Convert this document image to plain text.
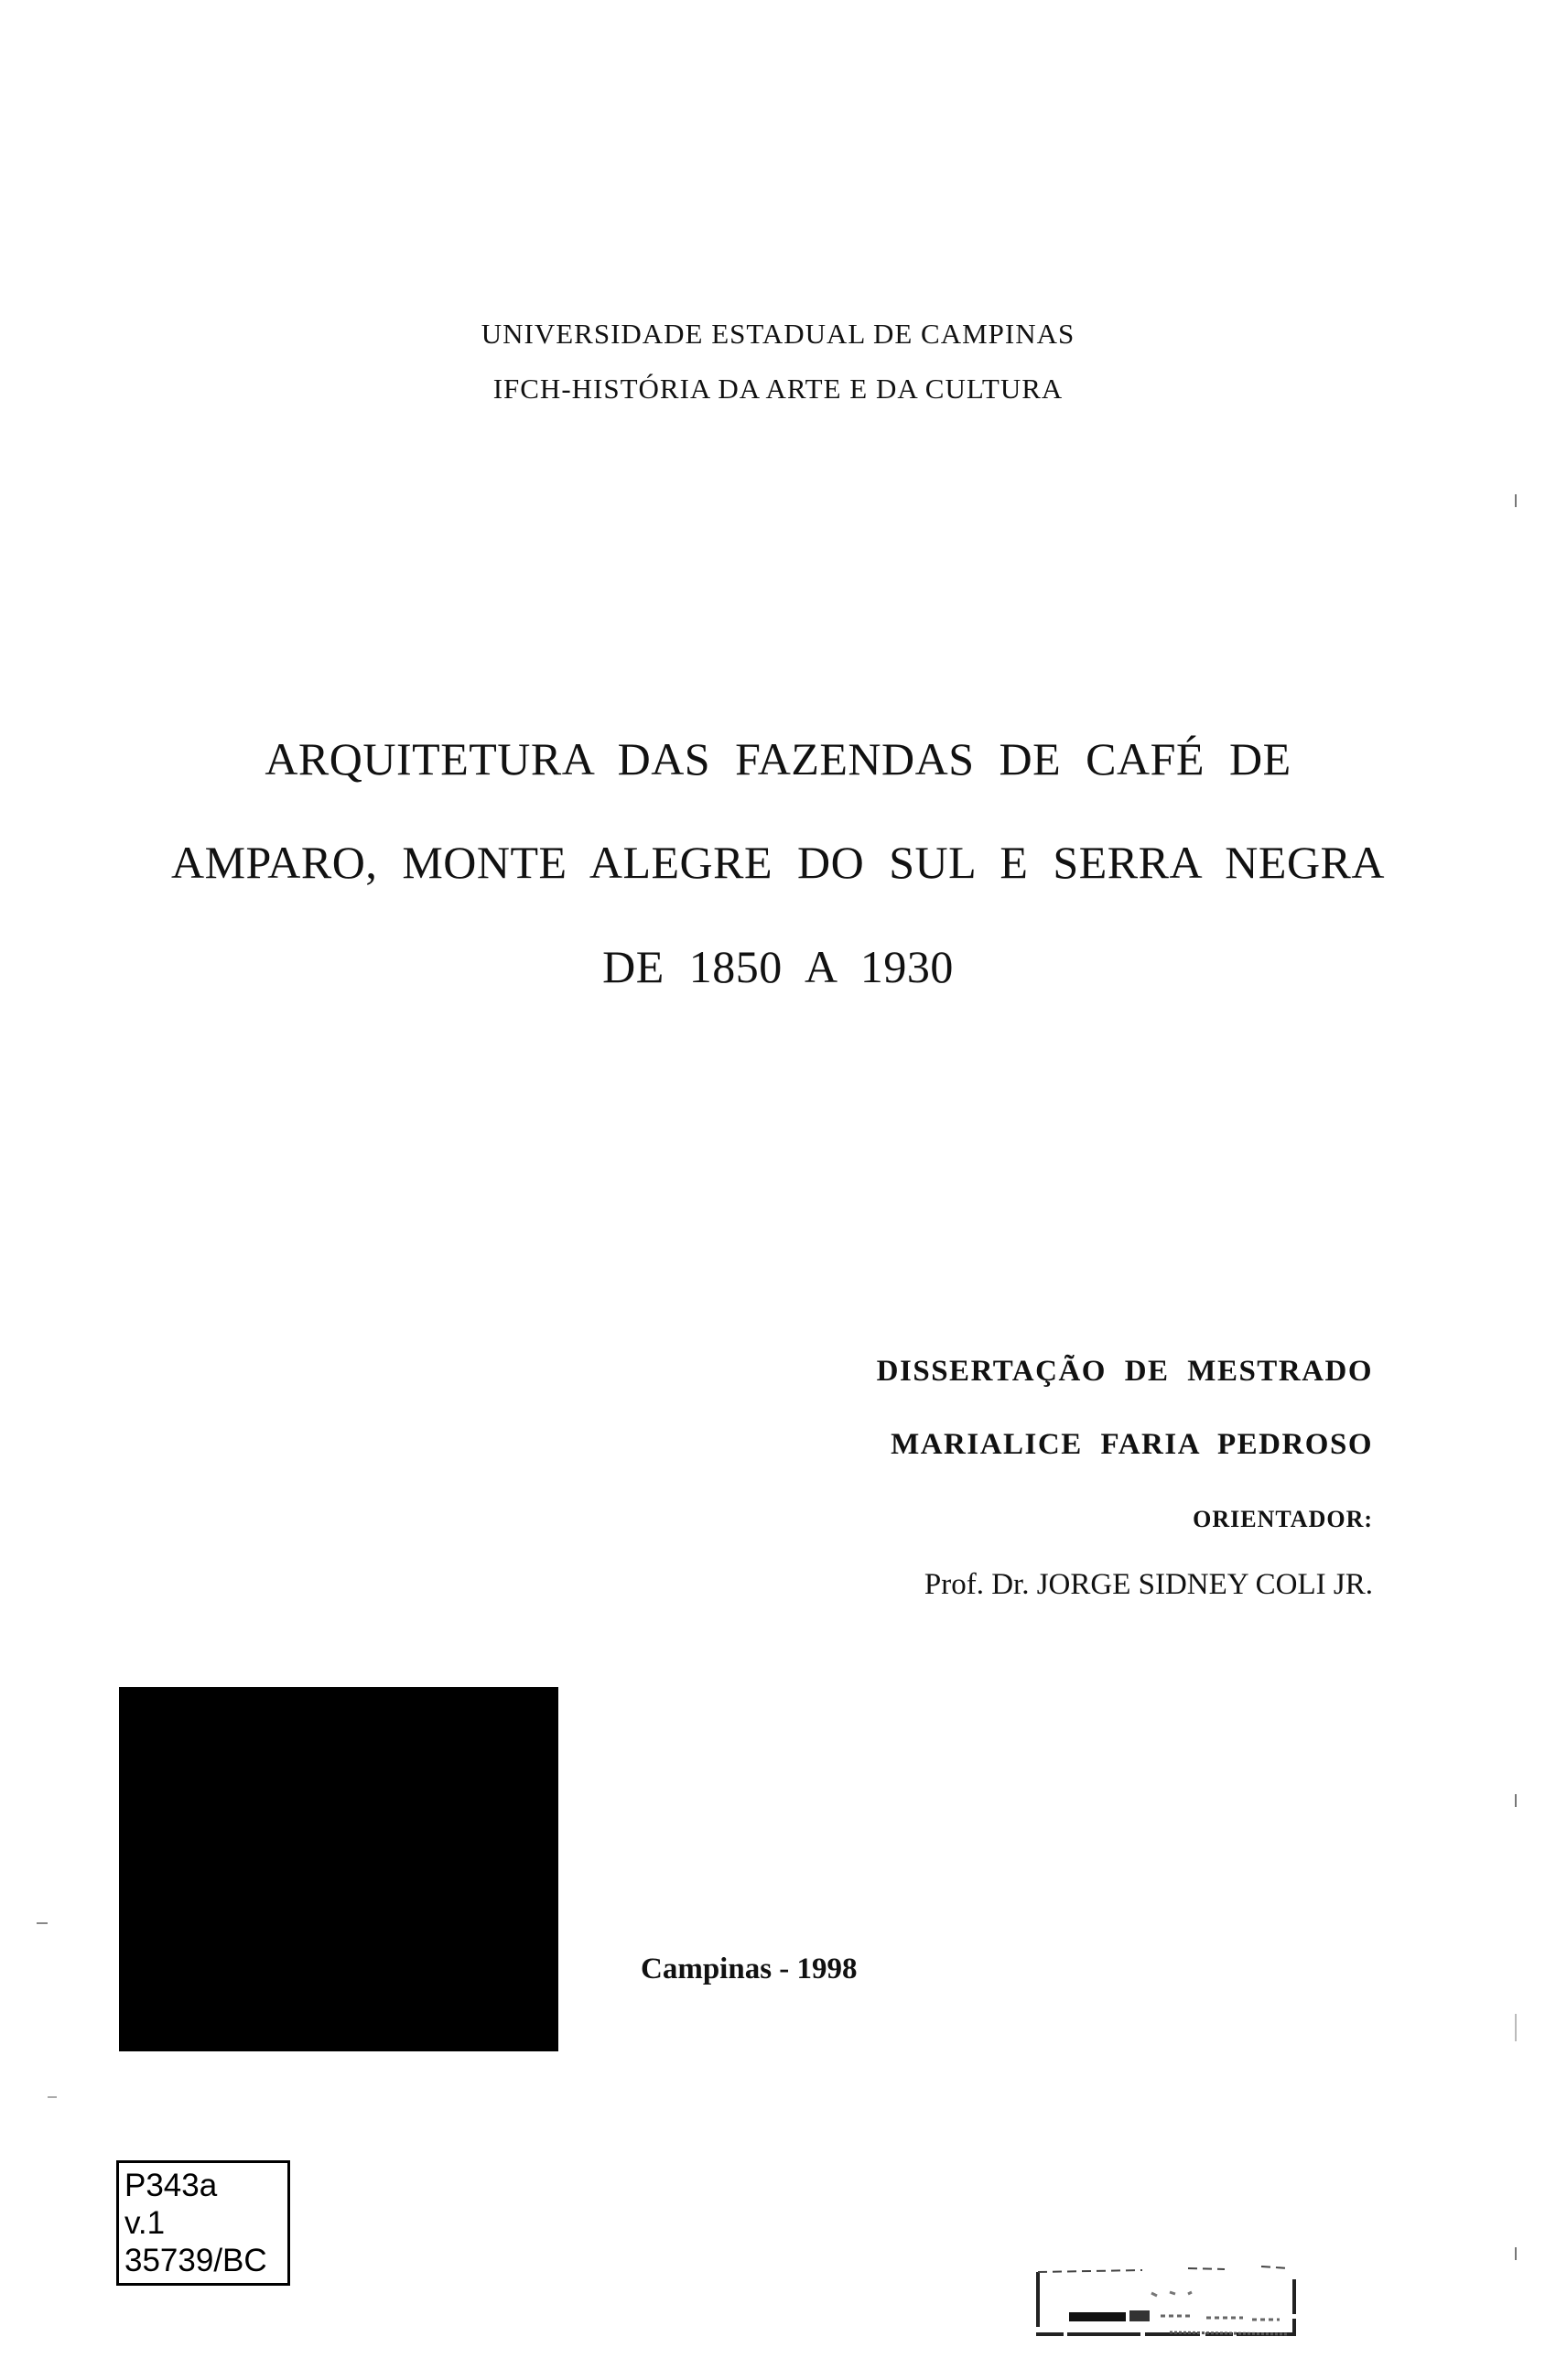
UNIVERSIDADE ESTADUAL DE CAMPINAS
IFCH-HISTÓRIA DA ARTE E DA CULTURA
ARQUITETURA DAS FAZENDAS DE CAFÉ DE
AMPARO, MONTE ALEGRE DO SUL E SERRA NEGRA
DE 1850 A 1930
DISSERTAÇÃO DE MESTRADO
MARIALICE FARIA PEDROSO
ORIENTADOR:
Prof. Dr. JORGE SIDNEY COLI JR.
Campinas - 1998
P343a
v.1
35739/BC
